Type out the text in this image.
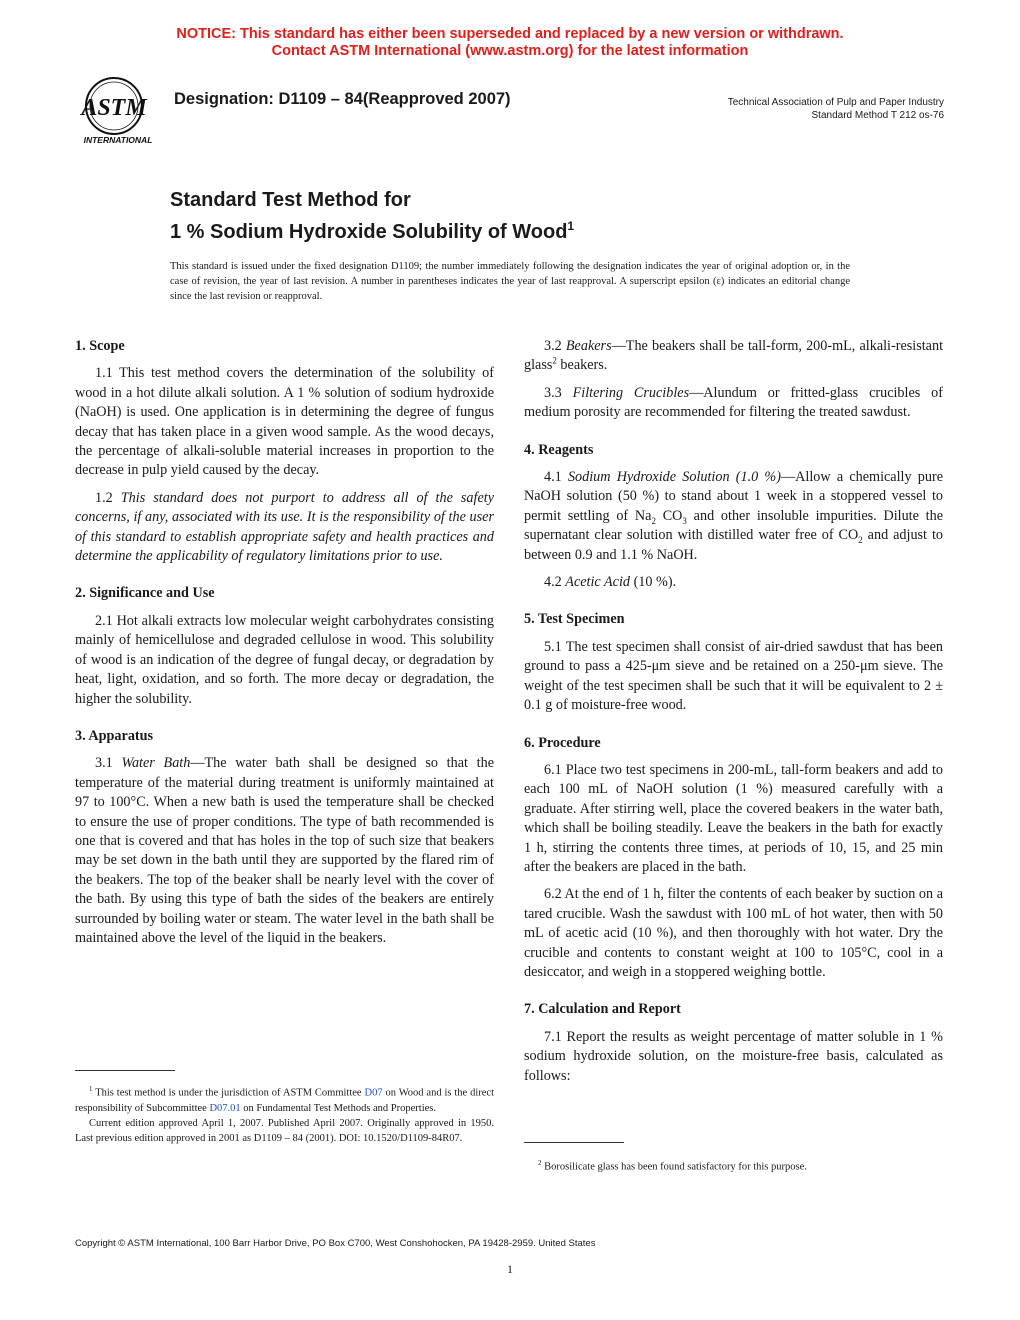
NOTICE: This standard has either been superseded and replaced by a new version or withdrawn.
Contact ASTM International (www.astm.org) for the latest information
ASTM
INTERNATIONAL
Designation: D1109 – 84(Reapproved 2007)	Technical Association of Pulp and Paper Industry
Standard Method T 212 os-76
Standard Test Method for
1 % Sodium Hydroxide Solubility of Wood$^1$
This standard is issued under the fixed designation D1109; the number immediately following the designation indicates the year of original adoption or, in the case of revision, the year of last revision. A number in parentheses indicates the year of last reapproval. A superscript epsilon (ε) indicates an editorial change since the last revision or reapproval.
1. Scope

1.1 This test method covers the determination of the solubility of wood in a hot dilute alkali solution. A 1 % solution of sodium hydroxide (NaOH) is used. One application is in determining the degree of fungus decay that has taken place in a given wood sample. As the wood decays, the percentage of alkali-soluble material increases in proportion to the decrease in pulp yield caused by the decay.

1.2 This standard does not purport to address all of the safety concerns, if any, associated with its use. It is the responsibility of the user of this standard to establish appropriate safety and health practices and determine the applicability of regulatory limitations prior to use.

2. Significance and Use

2.1 Hot alkali extracts low molecular weight carbohydrates consisting mainly of hemicellulose and degraded cellulose in wood. This solubility of wood is an indication of the degree of fungal decay, or degradation by heat, light, oxidation, and so forth. The more decay or degradation, the higher the solubility.

3. Apparatus

3.1 Water Bath—The water bath shall be designed so that the temperature of the material during treatment is uniformly maintained at 97 to 100°C. When a new bath is used the temperature shall be checked to ensure the use of proper conditions. The type of bath recommended is one that is covered and that has holes in the top of such size that beakers may be set down in the bath until they are supported by the flared rim of the beakers. The top of the beaker shall be nearly level with the cover of the bath. By using this type of bath the sides of the beakers are entirely surrounded by boiling water or steam. The water level in the bath shall be maintained above the level of the liquid in the beakers.

$^1$ This test method is under the jurisdiction of ASTM Committee D07 on Wood and is the direct responsibility of Subcommittee D07.01 on Fundamental Test Methods and Properties.

Current edition approved April 1, 2007. Published April 2007. Originally approved in 1950. Last previous edition approved in 2001 as D1109 – 84 (2001). DOI: 10.1520/D1109-84R07.

3.2 Beakers—The beakers shall be tall-form, 200-mL, alkali-resistant glass$^2$ beakers.

3.3 Filtering Crucibles—Alundum or fritted-glass crucibles of medium porosity are recommended for filtering the treated sawdust.

4. Reagents

4.1 Sodium Hydroxide Solution (1.0 %)—Allow a chemically pure NaOH solution (50 %) to stand about 1 week in a stoppered vessel to permit settling of $Na_2$ $CO_3$ and other insoluble impurities. Dilute the supernatant clear solution with distilled water free of $CO_2$ and adjust to between 0.9 and 1.1 % NaOH.

4.2 Acetic Acid (10 %).

5. Test Specimen

5.1 The test specimen shall consist of air-dried sawdust that has been ground to pass a 425-μm sieve and be retained on a 250-μm sieve. The weight of the test specimen shall be such that it will be equivalent to 2 ± 0.1 g of moisture-free wood.

6. Procedure

6.1 Place two test specimens in 200-mL, tall-form beakers and add to each 100 mL of NaOH solution (1 %) measured carefully with a graduate. After stirring well, place the covered beakers in the water bath, which shall be boiling steadily. Leave the beakers in the bath for exactly 1 h, stirring the contents three times, at periods of 10, 15, and 25 min after the beakers are placed in the bath.

6.2 At the end of 1 h, filter the contents of each beaker by suction on a tared crucible. Wash the sawdust with 100 mL of hot water, then with 50 mL of acetic acid (10 %), and then thoroughly with hot water. Dry the crucible and contents to constant weight at 100 to 105°C, cool in a desiccator, and weigh in a stoppered weighing bottle.

7. Calculation and Report

7.1 Report the results as weight percentage of matter soluble in 1 % sodium hydroxide solution, on the moisture-free basis, calculated as follows:

$^2$ Borosilicate glass has been found satisfactory for this purpose.

Copyright © ASTM International, 100 Barr Harbor Drive, PO Box C700, West Conshohocken, PA 19428-2959. United States
1
